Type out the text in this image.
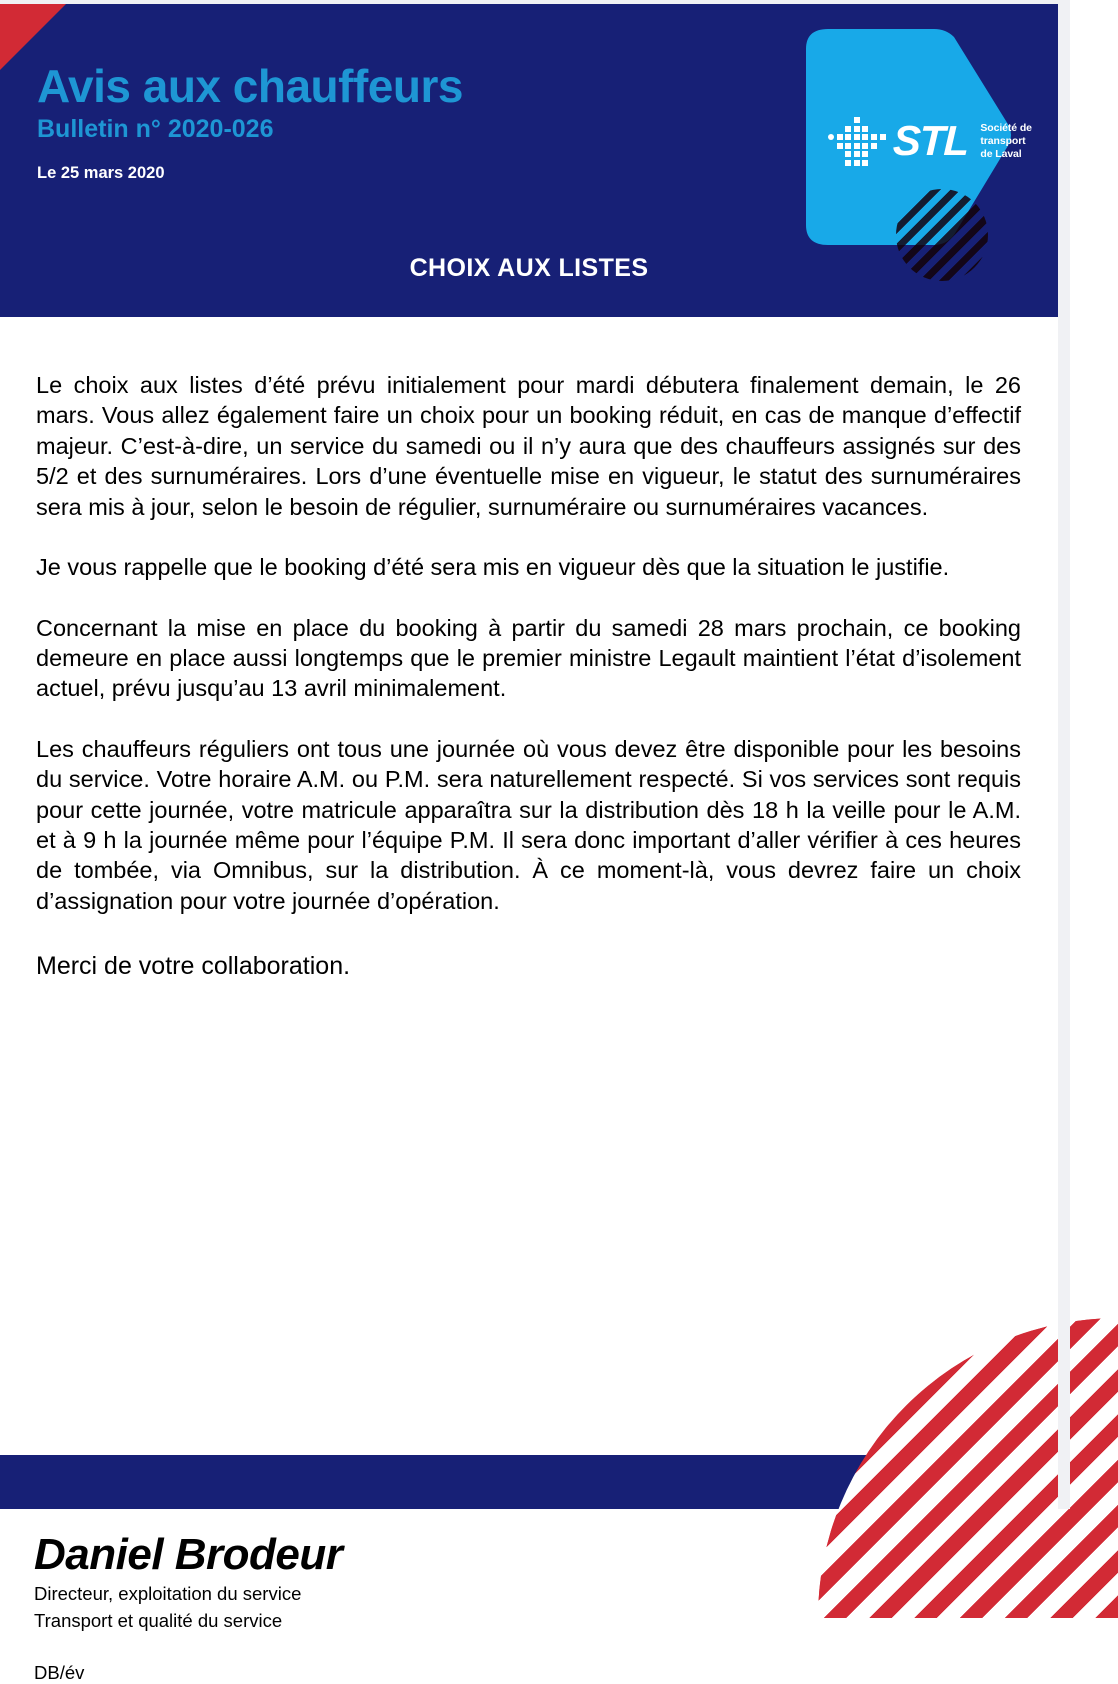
Avis aux chauffeurs
Bulletin n° 2020-026
Le 25 mars 2020
CHOIX AUX LISTES
STL Société de
transport
de Laval

Le choix aux listes d’été prévu initialement pour mardi débutera finalement demain, le 26 mars. Vous allez également faire un choix pour un booking réduit, en cas de manque d’effectif majeur. C’est-à-dire, un service du samedi ou il n’y aura que des chauffeurs assignés sur des 5/2 et des surnuméraires. Lors d’une éventuelle mise en vigueur, le statut des surnuméraires sera mis à jour, selon le besoin de régulier, surnuméraire ou surnuméraires vacances.

Je vous rappelle que le booking d’été sera mis en vigueur dès que la situation le justifie.

Concernant la mise en place du booking à partir du samedi 28 mars prochain, ce booking demeure en place aussi longtemps que le premier ministre Legault maintient l’état d’isolement actuel, prévu jusqu’au 13 avril minimalement.

Les chauffeurs réguliers ont tous une journée où vous devez être disponible pour les besoins du service. Votre horaire A.M. ou P.M. sera naturellement respecté. Si vos services sont requis pour cette journée, votre matricule apparaîtra sur la distribution dès 18 h la veille pour le A.M. et à 9 h la journée même pour l’équipe P.M. Il sera donc important d’aller vérifier à ces heures de tombée, via Omnibus, sur la distribution. À ce moment-là, vous devrez faire un choix d’assignation pour votre journée d’opération.

Merci de votre collaboration.

Daniel Brodeur
Directeur, exploitation du service
Transport et qualité du service
DB/év
